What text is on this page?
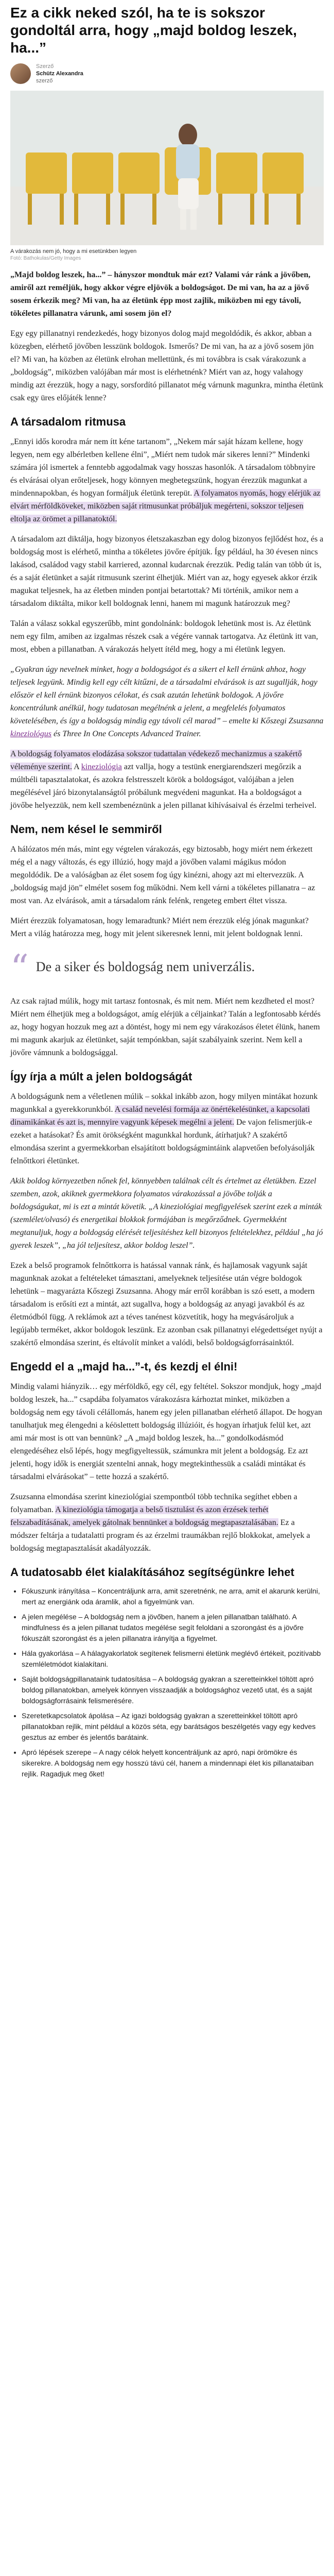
Ez a cikk neked szól, ha te is sokszor gondoltál arra, hogy „majd boldog leszek, ha...”
Szerző
Schütz Alexandra
szerző
A várakozás nem jó, hogy a mi esetünkben legyen
Fotó: Bathokulas/Getty Images

„Majd boldog leszek, ha...” – hányszor mondtuk már ezt? Valami vár ránk a jövőben, amiről azt reméljük, hogy akkor végre eljövök a boldogságot. De mi van, ha az a jövő sosem érkezik meg? Mi van, ha az életünk épp most zajlik, miközben mi egy távoli, tökéletes pillanatra várunk, ami sosem jön el?

Egy egy pillanatnyi rendezkedés, hogy bizonyos dolog majd megoldódik, és akkor, abban a közegben, elérhető jövőben lesszünk boldogok. Ismerős? De mi van, ha az a jövő sosem jön el? Mi van, ha közben az életünk elrohan mellettünk, és mi továbbra is csak várakozunk a „boldogság”, miközben valójában már most is elérhetnénk? Miért van az, hogy valahogy mindig azt érezzük, hogy a nagy, sorsfordító pillanatot még várnunk magunkra, mintha életünk csak egy üres előjáték lenne?

A társadalom ritmusa

„Ennyi idős korodra már nem ítt kéne tartanom”, „Nekem már saját házam kellene, hogy legyen, nem egy albérletben kellene élni”, „Miért nem tudok már sikeres lenni?” Mindenki számára jól ismertek a fenntebb aggodalmak vagy hosszas hasonlók. A társadalom többnyire és elvárásai olyan erőteljesek, hogy könnyen megbetegszünk, hogyan érezzük magunkat a mindennapokban, és hogyan formáljuk életünk terepüt. A folyamatos nyomás, hogy elérjük az elvárt mérföldköveket, miközben saját ritmusunkat próbáljuk megérteni, sokszor teljesen eltolja az örömet a pillanatoktól.

A társadalom azt diktálja, hogy bizonyos életszakaszban egy dolog bizonyos fejlődést hoz, és a boldogság most is elérhető, mintha a tökéletes jövőre építjük. Így például, ha 30 évesen nincs lakásod, családod vagy stabil karriered, azonnal kudarcnak érezzük. Pedig talán van több út is, és a saját életünket a saját ritmusunk szerint élhetjük. Miért van az, hogy egyesek akkor érzik magukat teljesnek, ha az életben minden pontjai betartottak? Mi történik, amikor nem a társadalom diktálta, mikor kell boldognak lenni, hanem mi magunk határozzuk meg?

Talán a válasz sokkal egyszerűbb, mint gondolnánk: boldogok lehetünk most is. Az életünk nem egy film, amiben az izgalmas részek csak a végére vannak tartogatva. Az életünk itt van, most, ebben a pillanatban. A várakozás helyett ítéld meg, hogy a mi életünk legyen.

„Gyakran úgy nevelnek minket, hogy a boldogságot és a sikert el kell érnünk ahhoz, hogy teljesek legyünk. Mindig kell egy célt kitűzni, de a társadalmi elvárások is azt sugallják, hogy először el kell érnünk bizonyos célokat, és csak azután lehetünk boldogok. A jövőre koncentrálunk anélkül, hogy tudatosan megélnénk a jelent, a megfelelés folyamatos követelésében, és így a boldogság mindig egy távoli cél marad” – emelte ki Kőszegi Zsuzsanna kineziológus és Three In One Concepts Advanced Trainer.

A boldogság folyamatos elodázása sokszor tudattalan védekező mechanizmus a szakértő véleménye szerint. A kineziológia azt vallja, hogy a testünk energiarendszeri megőrzik a múltbéli tapasztalatokat, és azokra felstresszelt körök a boldogságot, valójában a jelen megélésével járó bizonytalanságtól próbálunk megvédeni magunkat. Ha a boldogságot a jövőbe helyezzük, nem kell szembenéznünk a jelen pillanat kihívásaival és érzelmi terheivel.

Nem, nem késel le semmiről

A hálózatos mén más, mint egy végtelen várakozás, egy biztosabb, hogy miért nem érkezett még el a nagy változás, és egy illúzió, hogy majd a jövőben valami mágikus módon megoldódik. De a valóságban az élet sosem fog úgy kinézni, ahogy azt mi eltervezzük. A „boldogság majd jön” elmélet sosem fog működni. Nem kell várni a tökéletes pillanatra – az most van. Az elvárások, amit a társadalom ránk felénk, rengeteg embert éltet vissza.

Miért érezzük folyamatosan, hogy lemaradtunk? Miért nem érezzük elég jónak magunkat? Mert a világ határozza meg, hogy mit jelent sikeresnek lenni, mit jelent boldognak lenni.

“ De a siker és boldogság nem univerzális.

Az csak rajtad múlik, hogy mit tartasz fontosnak, és mit nem. Miért nem kezdheted el most? Miért nem élhetjük meg a boldogságot, amíg elérjük a céljainkat? Talán a legfontosabb kérdés az, hogy hogyan hozzuk meg azt a döntést, hogy mi nem egy várakozásos életet élünk, hanem mi magunk akarjuk az életünket, saját tempónkban, saját szabályaink szerint. Nem kell a jövőre vámnunk a boldogsággal.

Így írja a múlt a jelen boldogságát

A boldogságunk nem a véletlenen múlik – sokkal inkább azon, hogy milyen mintákat hozunk magunkkal a gyerekkorunkból. A család nevelési formája az önértékelésünket, a kapcsolati dinamikánkat és azt is, mennyire vagyunk képesek megélni a jelent. De vajon felismerjük-e ezeket a hatásokat? És amit örökségként magunkkal hordunk, átírhatjuk? A szakértő elmondása szerint a gyermekkorban elsajátított boldogságmintáink alapvetően befolyásolják felnőttkori életünket.

Akik boldog környezetben nőnek fel, könnyebben találnak célt és értelmet az életükben. Ezzel szemben, azok, akiknek gyermekkora folyamatos várakozással a jövőbe tolják a boldogságukat, mi is ezt a mintát követik. „A kineziológiai megfigyelések szerint ezek a minták (szemlélet/olvasó) és energetikai blokkok formájában is megőrződnek. Gyermekként megtanuljuk, hogy a boldogság elérését teljesítéshez kell bizonyos feltételekhez, például „ha jó gyerek leszek”, „ha jól teljesítesz, akkor boldog leszel”.

Ezek a belső programok felnőttkorra is hatással vannak ránk, és hajlamosak vagyunk saját magunknak azokat a feltételeket támasztani, amelyeknek teljesítése után végre boldogok lehetünk – magyarázta Kőszegi Zsuzsanna. Ahogy már erről korábban is szó esett, a modern társadalom is erősíti ezt a mintát, azt sugallva, hogy a boldogság az anyagi javakból és az életmódból függ. A reklámok azt a téves tanénest közvetítik, hogy ha megvásároljuk a legújabb terméket, akkor boldogok leszünk. Ez azonban csak pillanatnyi elégedettséget nyújt a szakértő elmondása szerint, és eltávolít minket a valódi, belső boldogságforrásainktól.

Engedd el a „majd ha...”-t, és kezdj el élni!

Mindig valami hiányzik… egy mérföldkő, egy cél, egy feltétel. Sokszor mondjuk, hogy „majd boldog leszek, ha...” csapdába folyamatos várakozásra kárhoztat minket, miközben a boldogság nem egy távoli célállomás, hanem egy jelen pillanatban elérhető állapot. De hogyan tanulhatjuk meg élengedni a kéöslettett boldogság illúzióit, és hogyan írhatjuk felül ket, azt ami már most is ott van bennünk? „A „majd boldog leszek, ha...” gondolkodásmód elengedéséhez első lépés, hogy megfigyeltessük, számunkra mit jelent a boldogság. Ez azt jelenti, hogy idők is energiát szentelni annak, hogy megtekinthessük a családi mintákat és társadalmi elvárásokat” – tette hozzá a szakértő.

Zsuzsanna elmondása szerint kineziológiai szempontból több technika segíthet ebben a folyamatban. A kineziológia támogatja a belső tisztulást és azon érzések terhét felszabadításának, amelyek gátolnak bennünket a boldogság megtapasztalásában. Ez a módszer feltárja a tudatalatti program és az érzelmi traumákban rejlő blokkokat, amelyek a boldogság megtapasztalását akadályozzák.

A tudatosabb élet kialakításához segítségünkre lehet
• Fókuszunk irányítása – Koncentráljunk arra, amit szeretnénk, ne arra, amit el akarunk kerülni, mert az energiánk oda áramlik, ahol a figyelmünk van.
• A jelen megélése – A boldogság nem a jövőben, hanem a jelen pillanatban található. A mindfulness és a jelen pillanat tudatos megélése segít feloldani a szorongást és a jövőre fókuszált szorongást és a jelen pillanatra irányítja a figyelmet.
• Hála gyakorlása – A hálagyakorlatok segítenek felismerni életünk meglévő értékeit, pozitívabb szemléletmódot kialakítani.
• Saját boldogságpillanataink tudatosítása – A boldogság gyakran a szeretteinkkel töltött apró boldog pillanatokban, amelyek könnyen visszaadják a boldogsághoz vezető utat, és a saját boldogságforrásaink felismerésére.
• Szeretetkapcsolatok ápolása – Az igazi boldogság gyakran a szeretteinkkel töltött apró pillanatokban rejlik, mint például a közös séta, egy barátságos beszélgetés vagy egy kedves gesztus az ember és jelentős barátaink.
• Apró lépések szerepe – A nagy célok helyett koncentráljunk az apró, napi örömökre és sikerekre. A boldogság nem egy hosszú távú cél, hanem a mindennapi élet kis pillanataiban rejlik. Ragadjuk meg őket!
